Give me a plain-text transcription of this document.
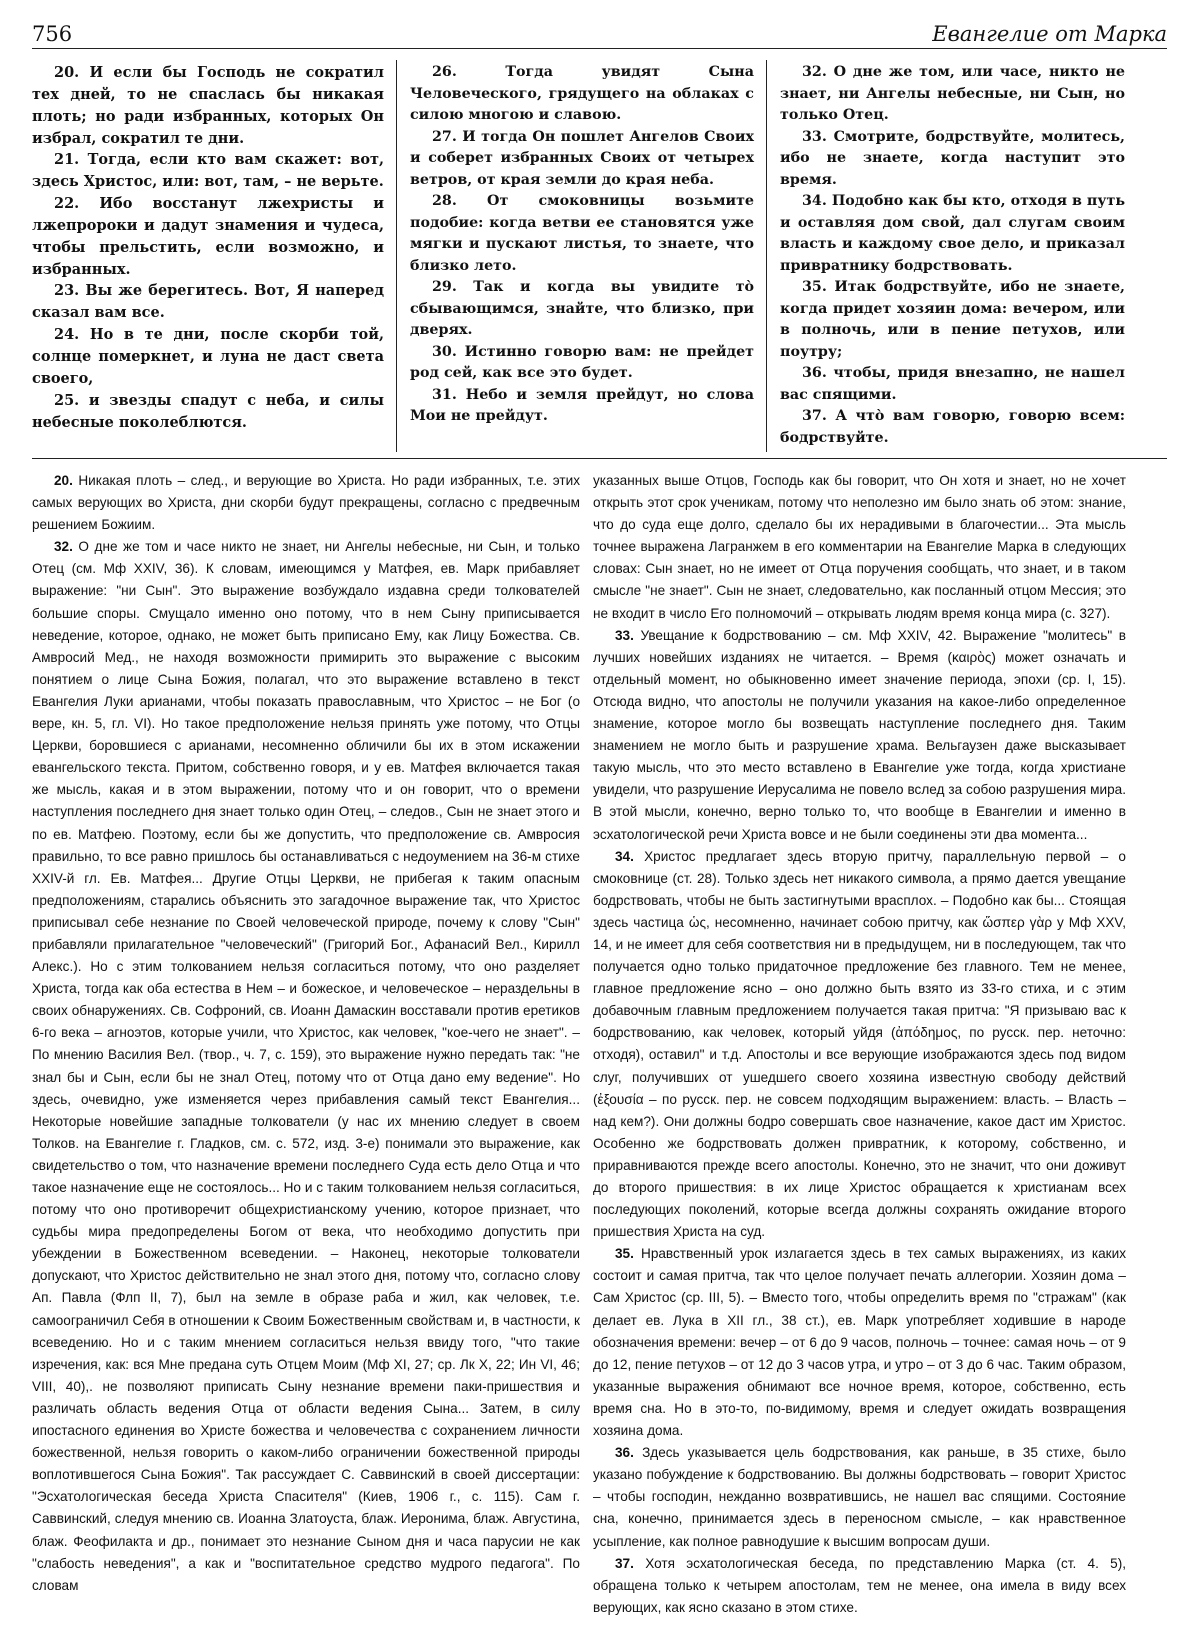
756	Евангелие от Марка

20. И если бы Господь не сократил тех дней, то не спаслась бы никакая плоть; но ради избранных, которых Он избрал, сократил те дни.

21. Тогда, если кто вам скажет: вот, здесь Христос, или: вот, там, – не верьте.

22. Ибо восстанут лжехристы и лжепророки и дадут знамения и чудеса, чтобы прельстить, если возможно, и избранных.

23. Вы же берегитесь. Вот, Я наперед сказал вам все.

24. Но в те дни, после скорби той, солнце померкнет, и луна не даст света своего,

25. и звезды спадут с неба, и силы небесные поколеблются.

26. Тогда увидят Сына Человеческого, грядущего на облаках с силою многою и славою.

27. И тогда Он пошлет Ангелов Своих и соберет избранных Своих от четырех ветров, от края земли до края неба.

28. От смоковницы возьмите подобие: когда ветви ее становятся уже мягки и пускают листья, то знаете, что близко лето.

29. Так и когда вы увидите то̀ сбывающимся, знайте, что близко, при дверях.

30. Истинно говорю вам: не прейдет род сей, как все это будет.

31. Небо и земля прейдут, но слова Мои не прейдут.

32. О дне же том, или часе, никто не знает, ни Ангелы небесные, ни Сын, но только Отец.

33. Смотрите, бодрствуйте, молитесь, ибо не знаете, когда наступит это время.

34. Подобно как бы кто, отходя в путь и оставляя дом свой, дал слугам своим власть и каждому свое дело, и приказал привратнику бодрствовать.

35. Итак бодрствуйте, ибо не знаете, когда придет хозяин дома: вечером, или в полночь, или в пение петухов, или поутру;

36. чтобы, придя внезапно, не нашел вас спящими.

37. А что̀ вам говорю, говорю всем: бодрствуйте.

20. Никакая плоть – след., и верующие во Христа. Но ради избранных, т.е. этих самых верующих во Христа, дни скорби будут прекращены, согласно с предвечным решением Божиим.

32. О дне же том и часе никто не знает, ни Ангелы небесные, ни Сын, и только Отец (см. Мф XXIV, 36). К словам, имеющимся у Матфея, ев. Марк прибавляет выражение: "ни Сын". Это выражение возбуждало издавна среди толкователей большие споры. Смущало именно оно потому, что в нем Сыну приписывается неведение, которое, однако, не может быть приписано Ему, как Лицу Божества. Св. Амвросий Мед., не находя возможности примирить это выражение с высоким понятием о лице Сына Божия, полагал, что это выражение вставлено в текст Евангелия Луки арианами, чтобы показать православным, что Христос – не Бог (о вере, кн. 5, гл. VI). Но такое предположение нельзя принять уже потому, что Отцы Церкви, боровшиеся с арианами, несомненно обличили бы их в этом искажении евангельского текста. Притом, собственно говоря, и у ев. Матфея включается такая же мысль, какая и в этом выражении, потому что и он говорит, что о времени наступления последнего дня знает только один Отец, – следов., Сын не знает этого и по ев. Матфею. Поэтому, если бы же допустить, что предположение св. Амвросия правильно, то все равно пришлось бы останавливаться с недоумением на 36-м стихе XXIV-й гл. Ев. Матфея... Другие Отцы Церкви, не прибегая к таким опасным предположениям, старались объяснить это загадочное выражение так, что Христос приписывал себе незнание по Своей человеческой природе, почему к слову "Сын" прибавляли прилагательное "человеческий" (Григорий Бог., Афанасий Вел., Кирилл Алекс.). Но с этим толкованием нельзя согласиться потому, что оно разделяет Христа, тогда как оба естества в Нем – и божеское, и человеческое – нераздельны в своих обнаружениях. Св. Софроний, св. Иоанн Дамаскин восставали против еретиков 6-го века – агноэтов, которые учили, что Христос, как человек, "кое-чего не знает". – По мнению Василия Вел. (твор., ч. 7, с. 159), это выражение нужно передать так: "не знал бы и Сын, если бы не знал Отец, потому что от Отца дано ему ведение". Но здесь, очевидно, уже изменяется через прибавления самый текст Евангелия... Некоторые новейшие западные толкователи (у нас их мнению следует в своем Толков. на Евангелие г. Гладков, см. с. 572, изд. 3-е) понимали это выражение, как свидетельство о том, что назначение времени последнего Суда есть дело Отца и что такое назначение еще не состоялось... Но и с таким толкованием нельзя согласиться, потому что оно противоречит общехристианскому учению, которое признает, что судьбы мира предопределены Богом от века, что необходимо допустить при убеждении в Божественном всеведении. – Наконец, некоторые толкователи допускают, что Христос действительно не знал этого дня, потому что, согласно слову Ап. Павла (Флп II, 7), был на земле в образе раба и жил, как человек, т.е. самоограничил Себя в отношении к Своим Божественным свойствам и, в частности, к всеведению. Но и с таким мнением согласиться нельзя ввиду того, "что такие изречения, как: вся Мне предана суть Отцем Моим (Мф XI, 27; ср. Лк X, 22; Ин VI, 46; VIII, 40),. не позволяют приписать Сыну незнание времени паки-пришествия и различать область ведения Отца от области ведения Сына... Затем, в силу ипостасного единения во Христе божества и человечества с сохранением личности божественной, нельзя говорить о каком-либо ограничении божественной природы воплотившегося Сына Божия". Так рассуждает С. Саввинский в своей диссертации: "Эсхатологическая беседа Христа Спасителя" (Киев, 1906 г., с. 115). Сам г. Саввинский, следуя мнению св. Иоанна Златоуста, блаж. Иеронима, блаж. Августина, блаж. Феофилакта и др., понимает это незнание Сыном дня и часа парусии не как "слабость неведения", а как и "воспитательное средство мудрого педагога". По словам

указанных выше Отцов, Господь как бы говорит, что Он хотя и знает, но не хочет открыть этот срок ученикам, потому что неполезно им было знать об этом: знание, что до суда еще долго, сделало бы их нерадивыми в благочестии... Эта мысль точнее выражена Лагранжем в его комментарии на Евангелие Марка в следующих словах: Сын знает, но не имеет от Отца поручения сообщать, что знает, и в таком смысле "не знает". Сын не знает, следовательно, как посланный отцом Мессия; это не входит в число Его полномочий – открывать людям время конца мира (с. 327).

33. Увещание к бодрствованию – см. Мф XXIV, 42. Выражение "молитесь" в лучших новейших изданиях не читается. – Время (καιρὸς) может означать и отдельный момент, но обыкновенно имеет значение периода, эпохи (ср. I, 15). Отсюда видно, что апостолы не получили указания на какое-либо определенное знамение, которое могло бы возвещать наступление последнего дня. Таким знамением не могло быть и разрушение храма. Вельгаузен даже высказывает такую мысль, что это место вставлено в Евангелие уже тогда, когда христиане увидели, что разрушение Иерусалима не повело вслед за собою разрушения мира. В этой мысли, конечно, верно только то, что вообще в Евангелии и именно в эсхатологической речи Христа вовсе и не были соединены эти два момента...

34. Христос предлагает здесь вторую притчу, параллельную первой – о смоковнице (ст. 28). Только здесь нет никакого символа, а прямо дается увещание бодрствовать, чтобы не быть застигнутыми врасплох. – Подобно как бы... Стоящая здесь частица ὡς, несомненно, начинает собою притчу, как ὥσπερ γὰρ у Мф XXV, 14, и не имеет для себя соответствия ни в предыдущем, ни в последующем, так что получается одно только придаточное предложение без главного. Тем не менее, главное предложение ясно – оно должно быть взято из 33-го стиха, и с этим добавочным главным предложением получается такая притча: "Я призываю вас к бодрствованию, как человек, который уйдя (ἀπόδημος, по русск. пер. неточно: отходя), оставил" и т.д. Апостолы и все верующие изображаются здесь под видом слуг, получивших от ушедшего своего хозяина известную свободу действий (ἐξουσία – по русск. пер. не совсем подходящим выражением: власть. – Власть – над кем?). Они должны бодро совершать свое назначение, какое даст им Христос. Особенно же бодрствовать должен привратник, к которому, собственно, и приравниваются прежде всего апостолы. Конечно, это не значит, что они доживут до второго пришествия: в их лице Христос обращается к христианам всех последующих поколений, которые всегда должны сохранять ожидание второго пришествия Христа на суд.

35. Нравственный урок излагается здесь в тех самых выражениях, из каких состоит и самая притча, так что целое получает печать аллегории. Хозяин дома – Сам Христос (ср. III, 5). – Вместо того, чтобы определить время по "стражам" (как делает ев. Лука в XII гл., 38 ст.), ев. Марк употребляет ходившие в народе обозначения времени: вечер – от 6 до 9 часов, полночь – точнее: самая ночь – от 9 до 12, пение петухов – от 12 до 3 часов утра, и утро – от 3 до 6 час. Таким образом, указанные выражения обнимают все ночное время, которое, собственно, есть время сна. Но в это-то, по-видимому, время и следует ожидать возвращения хозяина дома.

36. Здесь указывается цель бодрствования, как раньше, в 35 стихе, было указано побуждение к бодрствованию. Вы должны бодрствовать – говорит Христос – чтобы господин, нежданно возвратившись, не нашел вас спящими. Состояние сна, конечно, принимается здесь в переносном смысле, – как нравственное усыпление, как полное равнодушие к высшим вопросам души.

37. Хотя эсхатологическая беседа, по представлению Марка (ст. 4. 5), обращена только к четырем апостолам, тем не менее, она имела в виду всех верующих, как ясно сказано в этом стихе.
